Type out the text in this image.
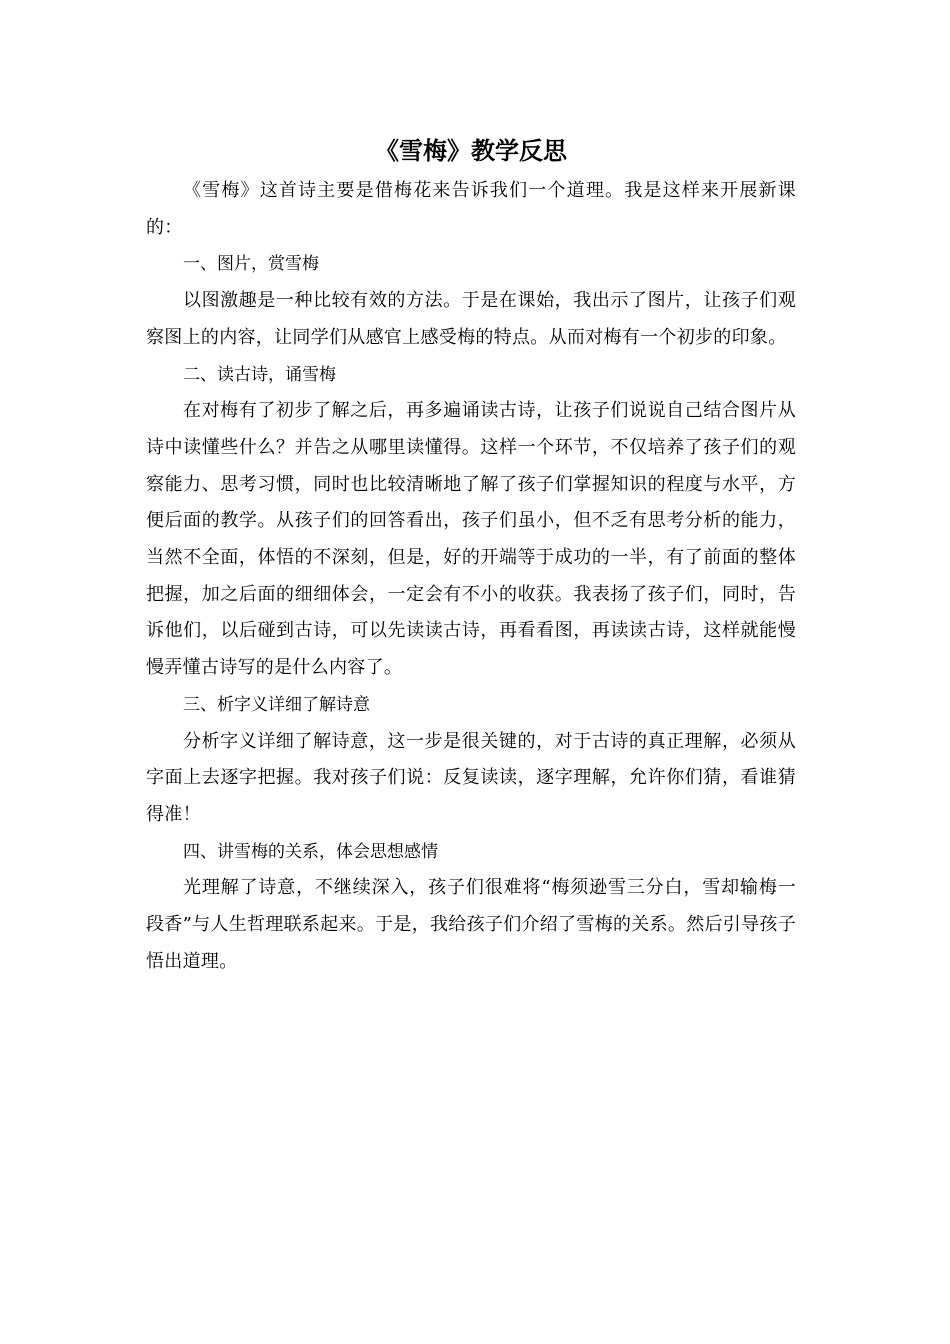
《雪梅》教学反思

《雪梅》这首诗主要是借梅花来告诉我们一个道理。我是这样来开展新课的：

一、图片，赏雪梅

以图激趣是一种比较有效的方法。于是在课始，我出示了图片，让孩子们观察图上的内容，让同学们从感官上感受梅的特点。从而对梅有一个初步的印象。

二、读古诗，诵雪梅

在对梅有了初步了解之后，再多遍诵读古诗，让孩子们说说自己结合图片从诗中读懂些什么？并告之从哪里读懂得。这样一个环节，不仅培养了孩子们的观察能力、思考习惯，同时也比较清晰地了解了孩子们掌握知识的程度与水平，方便后面的教学。从孩子们的回答看出，孩子们虽小，但不乏有思考分析的能力，当然不全面，体悟的不深刻，但是，好的开端等于成功的一半，有了前面的整体把握，加之后面的细细体会，一定会有不小的收获。我表扬了孩子们，同时，告诉他们，以后碰到古诗，可以先读读古诗，再看看图，再读读古诗，这样就能慢慢弄懂古诗写的是什么内容了。

三、析字义详细了解诗意

分析字义详细了解诗意，这一步是很关键的，对于古诗的真正理解，必须从字面上去逐字把握。我对孩子们说：反复读读，逐字理解，允许你们猜，看谁猜得准！

四、讲雪梅的关系，体会思想感情

光理解了诗意，不继续深入，孩子们很难将“梅须逊雪三分白，雪却输梅一段香”与人生哲理联系起来。于是，我给孩子们介绍了雪梅的关系。然后引导孩子悟出道理。
